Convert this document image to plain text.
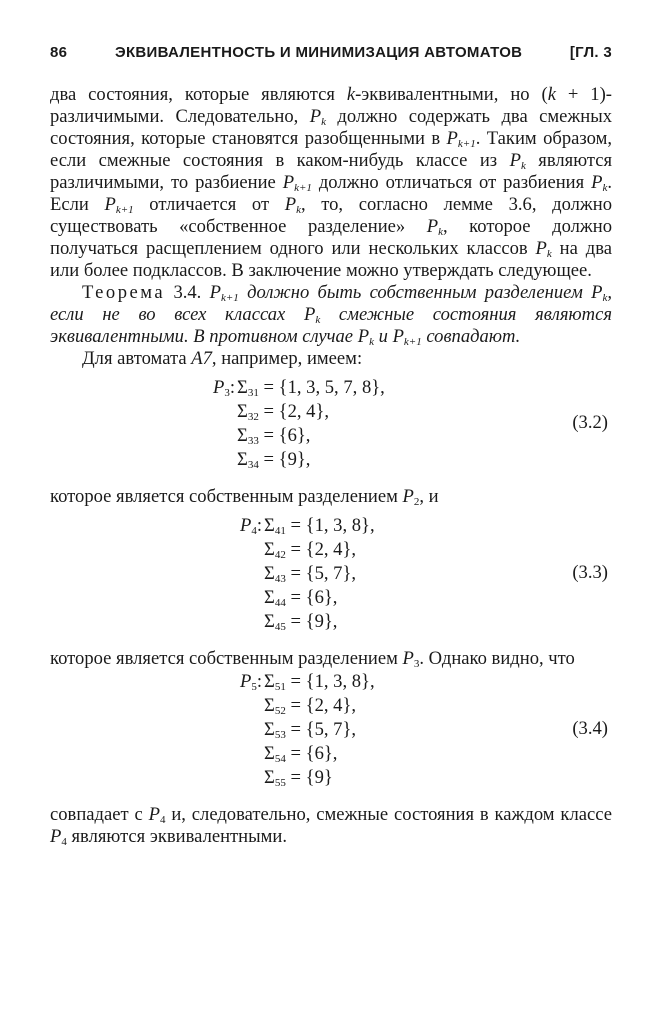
86	ЭКВИВАЛЕНТНОСТЬ И МИНИМИЗАЦИЯ АВТОМАТОВ	[ГЛ. 3

два состояния, которые являются k-эквивалентными, но (k + 1)-различимыми. Следовательно, $P_k$ должно содержать два смежных состояния, которые становятся разобщенными в $P_{k+1}$. Таким образом, если смежные состояния в каком-нибудь классе из $P_k$ являются различимыми, то разбиение $P_{k+1}$ должно отличаться от разбиения $P_k$. Если $P_{k+1}$ отличается от $P_k$, то, согласно лемме 3.6, должно существовать «собственное разделение» $P_k$, которое должно получаться расщеплением одного или нескольких классов $P_k$ на два или более подклассов. В заключение можно утверждать следующее.

Теорема 3.4. $P_{k+1}$ должно быть собственным разделением $P_k$, если не во всех классах $P_k$ смежные состояния являются эквивалентными. В противном случае $P_k$ и $P_{k+1}$ совпадают.

Для автомата A7, например, имеем:

(3.2)
$P_3$:	$\Sigma_{31} = \{1$, 3, 5, 7, 8},
	$\Sigma_{32} = \{2$, 4},
	$\Sigma_{33} = \{6\}$,
	$\Sigma_{34} = \{9\}$,

которое является собственным разделением $P_2$, и

(3.3)
$P_4$:	$\Sigma_{41} = \{1$, 3, 8},
	$\Sigma_{42} = \{2$, 4},
	$\Sigma_{43} = \{5$, 7},
	$\Sigma_{44} = \{6\}$,
	$\Sigma_{45} = \{9\}$,

которое является собственным разделением $P_3$. Однако видно, что

(3.4)
$P_5$:	$\Sigma_{51} = \{1$, 3, 8},
	$\Sigma_{52} = \{2$, 4},
	$\Sigma_{53} = \{5$, 7},
	$\Sigma_{54} = \{6\}$,
	$\Sigma_{55} = \{9\}$

совпадает с $P_4$ и, следовательно, смежные состояния в каждом классе $P_4$ являются эквивалентными.
